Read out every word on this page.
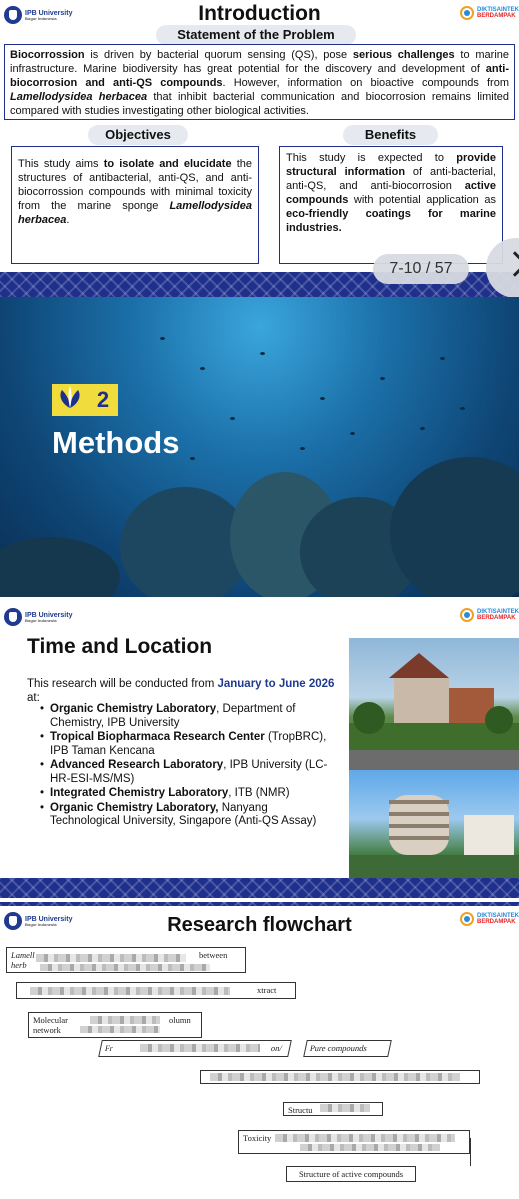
IPB University
Bogor Indonesia
DIKTISAINTEK
BERDAMPAK
Introduction
Statement of the Problem
Biocorrossion is driven by bacterial quorum sensing (QS), pose serious challenges to marine infrastructure. Marine biodiversity has great potential for the discovery and development of anti-biocorrosion and anti-QS compounds. However, information on bioactive compounds from Lamellodysidea herbacea that inhibit bacterial communication and biocorrosion remains limited compared with studies investigating other biological activities.
Objectives	Benefits
This study aims to isolate and elucidate the structures of antibacterial, anti-QS, and anti-biocorrossion compounds with minimal toxicity from the marine sponge Lamellodysidea herbacea.
This study is expected to provide structural information of anti-bacterial, anti-QS, and anti-biocorrosion active compounds with potential application as eco-friendly coatings for marine industries.
7-10 / 57
2
Methods
IPB University
Bogor Indonesia
DIKTISAINTEK
BERDAMPAK
Time and Location
This research will be conducted from January to June 2026 at:
• Organic Chemistry Laboratory, Department of Chemistry, IPB University
• Tropical Biopharmaca Research Center (TropBRC), IPB Taman Kencana
• Advanced Research Laboratory, IPB University (LC-HR-ESI-MS/MS)
• Integrated Chemistry Laboratory, ITB (NMR)
• Organic Chemistry Laboratory, Nanyang Technological University, Singapore (Anti-QS Assay)
IPB University
Bogor Indonesia
DIKTISAINTEK
BERDAMPAK
Research flowchart
Lamell	between

herb
xtract
Molecular	olumn

network
Fr	on/	Pure compounds
Structu
Toxicity
Structure of active compounds
